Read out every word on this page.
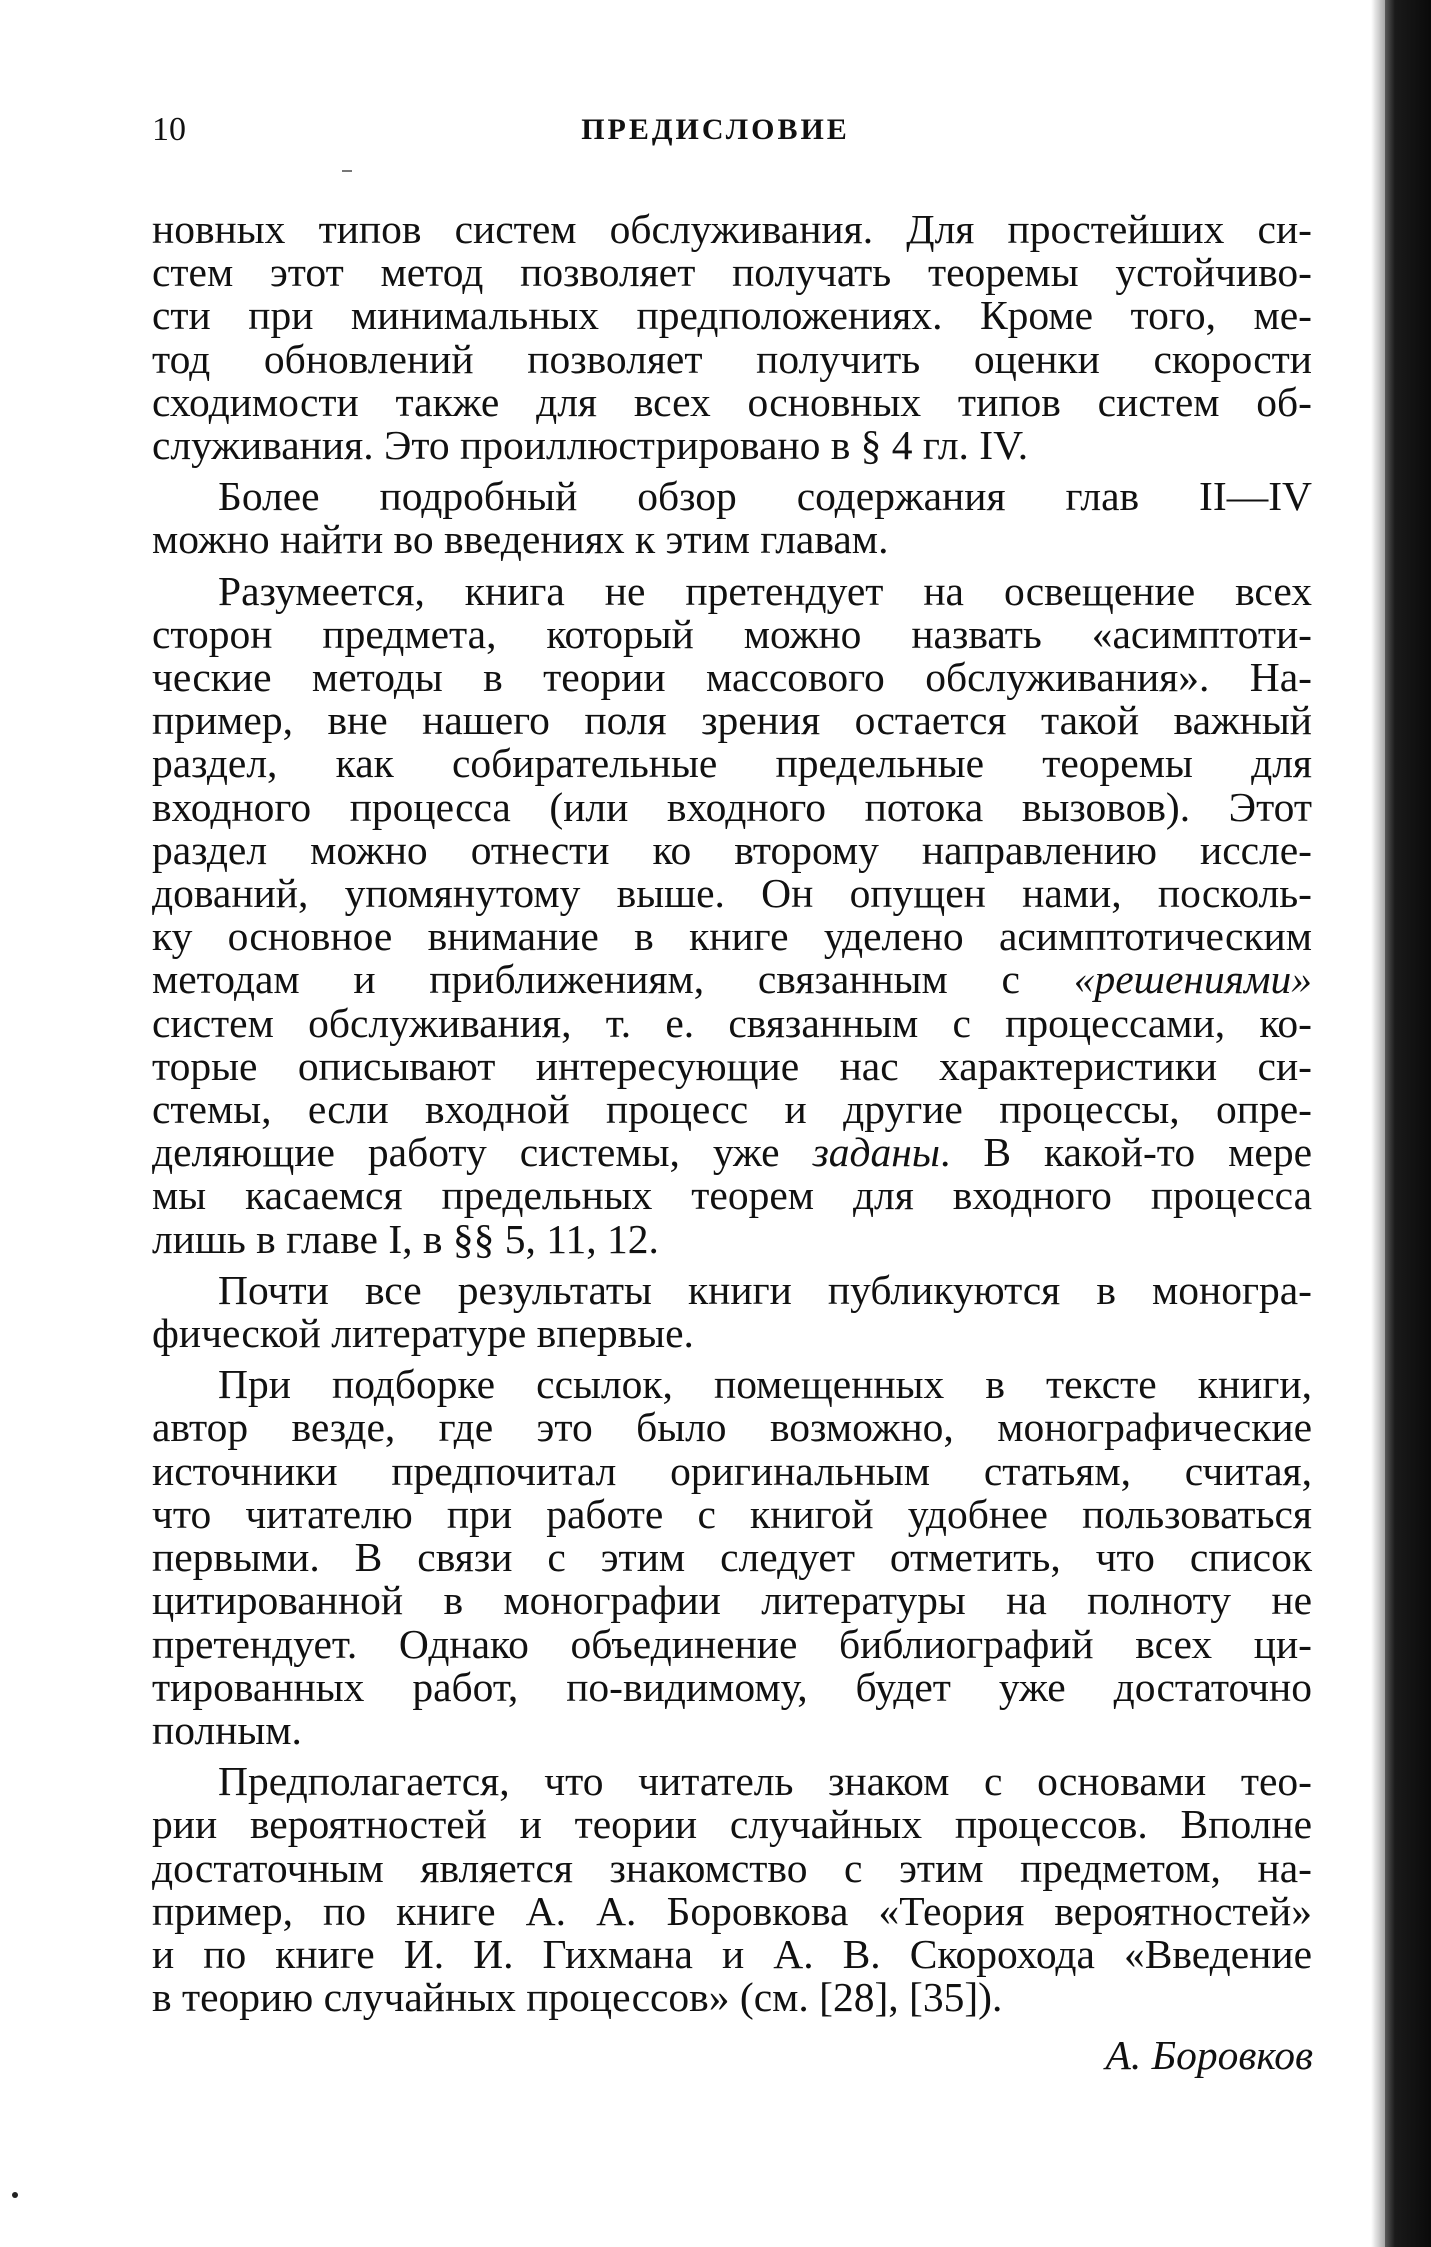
10	ПРЕДИСЛОВИЕ

новных типов систем обслуживания. Для простейших си-
стем этот метод позволяет получать теоремы устойчиво-
сти при минимальных предположениях. Кроме того, ме-
тод обновлений позволяет получить оценки скорости
сходимости также для всех основных типов систем об-
служивания. Это проиллюстрировано в § 4 гл. IV.

Более подробный обзор содержания глав II—IV
можно найти во введениях к этим главам.

Разумеется, книга не претендует на освещение всех
сторон предмета, который можно назвать «асимптоти-
ческие методы в теории массового обслуживания». На-
пример, вне нашего поля зрения остается такой важный
раздел, как собирательные предельные теоремы для
входного процесса (или входного потока вызовов). Этот
раздел можно отнести ко второму направлению иссле-
дований, упомянутому выше. Он опущен нами, посколь-
ку основное внимание в книге уделено асимптотическим
методам и приближениям, связанным с «решениями»
систем обслуживания, т. е. связанным с процессами, ко-
торые описывают интересующие нас характеристики си-
стемы, если входной процесс и другие процессы, опре-
деляющие работу системы, уже заданы. В какой-то мере
мы касаемся предельных теорем для входного процесса
лишь в главе I, в §§ 5, 11, 12.

Почти все результаты книги публикуются в моногра-
фической литературе впервые.

При подборке ссылок, помещенных в тексте книги,
автор везде, где это было возможно, монографические
источники предпочитал оригинальным статьям, считая,
что читателю при работе с книгой удобнее пользоваться
первыми. В связи с этим следует отметить, что список
цитированной в монографии литературы на полноту не
претендует. Однако объединение библиографий всех ци-
тированных работ, по-видимому, будет уже достаточно
полным.

Предполагается, что читатель знаком с основами тео-
рии вероятностей и теории случайных процессов. Вполне
достаточным является знакомство с этим предметом, на-
пример, по книге А. А. Боровкова «Теория вероятностей»
и по книге И. И. Гихмана и А. В. Скорохода «Введение
в теорию случайных процессов» (см. [28], [35]).

А. Боровков
